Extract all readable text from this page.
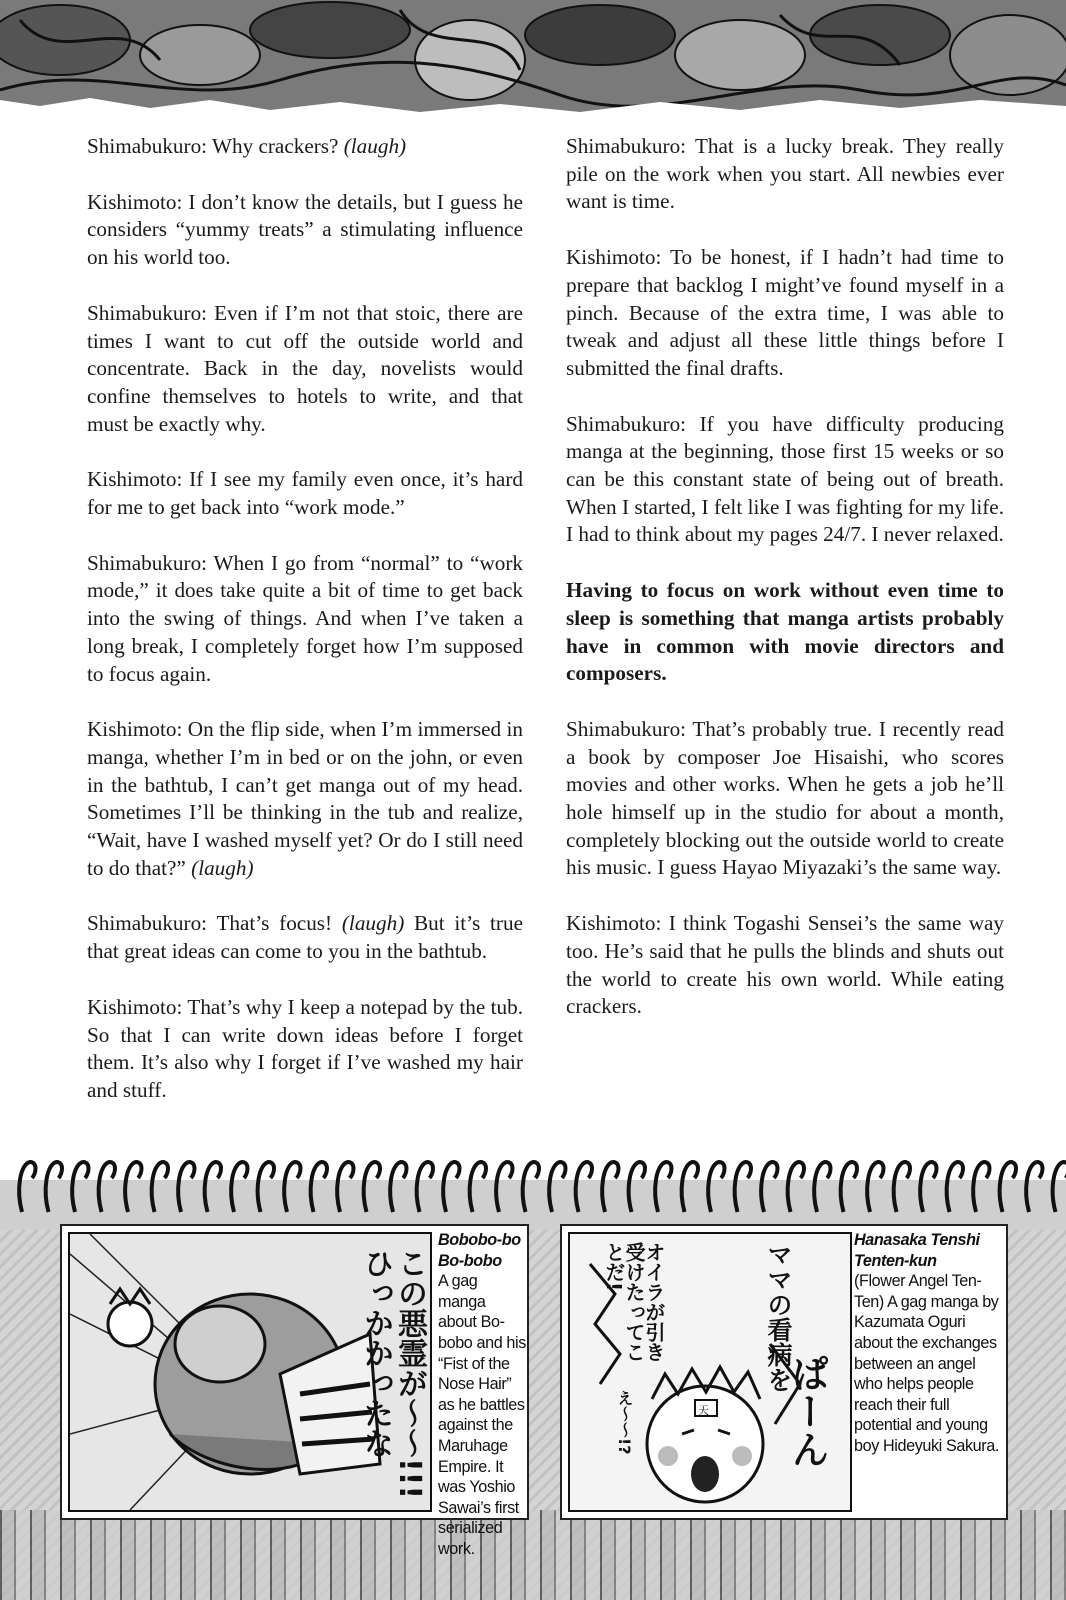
Shimabukuro: Why crackers? (laugh)

Kishimoto: I don’t know the details, but I guess he considers “yummy treats” a stimulating influence on his world too.

Shimabukuro: Even if I’m not that stoic, there are times I want to cut off the outside world and concentrate. Back in the day, novelists would confine themselves to hotels to write, and that must be exactly why.

Kishimoto: If I see my family even once, it’s hard for me to get back into “work mode.”

Shimabukuro: When I go from “normal” to “work mode,” it does take quite a bit of time to get back into the swing of things. And when I’ve taken a long break, I completely forget how I’m supposed to focus again.

Kishimoto: On the flip side, when I’m immersed in manga, whether I’m in bed or on the john, or even in the bathtub, I can’t get manga out of my head. Sometimes I’ll be thinking in the tub and realize, “Wait, have I washed myself yet? Or do I still need to do that?” (laugh)

Shimabukuro: That’s focus! (laugh) But it’s true that great ideas can come to you in the bathtub.

Kishimoto: That’s why I keep a notepad by the tub. So that I can write down ideas before I forget them. It’s also why I forget if I’ve washed my hair and stuff.

Shimabukuro: That is a lucky break. They really pile on the work when you start. All newbies ever want is time.

Kishimoto: To be honest, if I hadn’t had time to prepare that backlog I might’ve found myself in a pinch. Because of the extra time, I was able to tweak and adjust all these little things before I submitted the final drafts.

Shimabukuro: If you have difficulty producing manga at the beginning, those first 15 weeks or so can be this constant state of being out of breath. When I started, I felt like I was fighting for my life. I had to think about my pages 24/7. I never relaxed.

Having to focus on work without even time to sleep is something that manga artists probably have in common with movie directors and composers.

Shimabukuro: That’s probably true. I recently read a book by composer Joe Hisaishi, who scores movies and other works. When he gets a job he’ll hole himself up in the studio for about a month, completely blocking out the outside world to create his music. I guess Hayao Miyazaki’s the same way.

Kishimoto: I think Togashi Sensei’s the same way too. He’s said that he pulls the blinds and shuts out the world to create his own world. While eating crackers.

ひっかかったな この悪霊が〜〜!!!
Bobobo-bo Bo-bobo
A gag manga about Bo-bobo and his “Fist of the Nose Hair” as he battles against the Maruhage Empire. It was Yoshio Sawai’s first serialized work.
ママの看病を
オイラが引き受けたってことだ!
ぱーん
え〜〜!?	天
Hanasaka Tenshi Tenten-kun
(Flower Angel Ten-Ten) A gag manga by Kazumata Oguri about the exchanges between an angel who helps people reach their full potential and young boy Hideyuki Sakura.
